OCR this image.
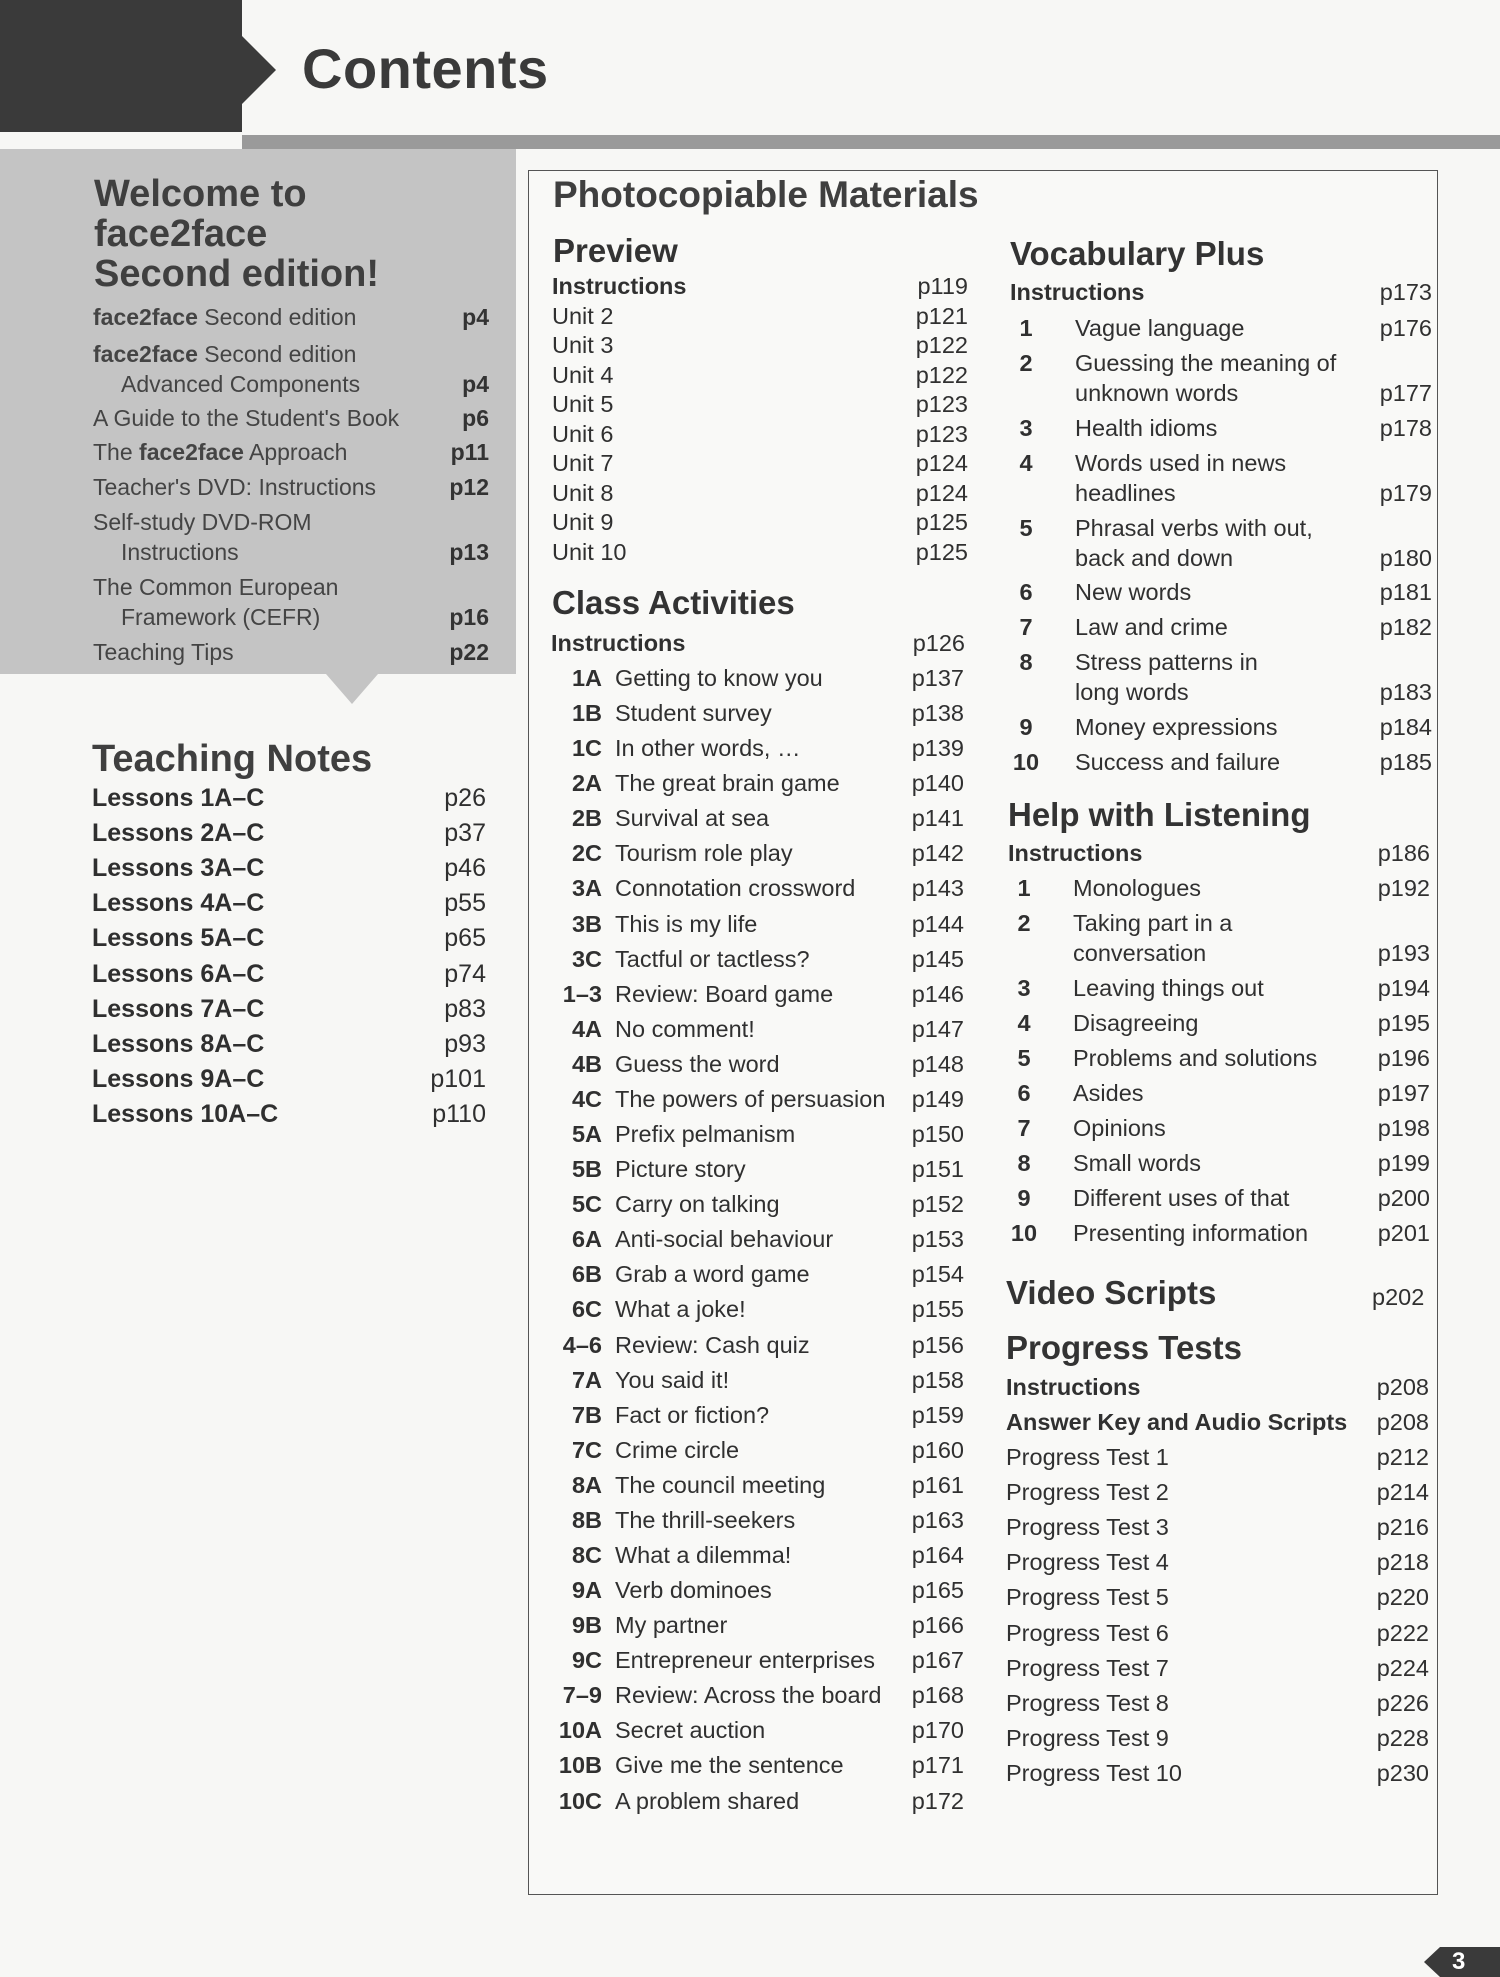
Contents
Welcome to
face2face
Second edition!
face2face Second edition	p4
face2face Second edition
Advanced Components	p4
A Guide to the Student's Book	p6
The face2face Approach	p11
Teacher's DVD: Instructions	p12
Self-study DVD-ROM
Instructions	p13
The Common European
Framework (CEFR)	p16
Teaching Tips	p22
Teaching Notes
Lessons 1A–C	p26
Lessons 2A–C	p37
Lessons 3A–C	p46
Lessons 4A–C	p55
Lessons 5A–C	p65
Lessons 6A–C	p74
Lessons 7A–C	p83
Lessons 8A–C	p93
Lessons 9A–C	p101
Lessons 10A–C	p110
Photocopiable Materials
Preview
Instructions	p119
Unit 2	p121
Unit 3	p122
Unit 4	p122
Unit 5	p123
Unit 6	p123
Unit 7	p124
Unit 8	p124
Unit 9	p125
Unit 10	p125
Class Activities
Instructions	p126
1A Getting to know you	p137
1B Student survey	p138
1C In other words, …	p139
2A The great brain game	p140
2B Survival at sea	p141
2C Tourism role play	p142
3A Connotation crossword p143
3B This is my life	p144
3C Tactful or tactless?	p145
1–3 Review: Board game	p146
4A No comment!	p147
4B Guess the word	p148
4C The powers of persuasion p149
5A Prefix pelmanism	p150
5B Picture story	p151
5C Carry on talking	p152
6A Anti-social behaviour	p153
6B Grab a word game	p154
6C What a joke!	p155
4–6 Review: Cash quiz	p156
7A You said it!	p158
7B Fact or fiction?	p159
7C Crime circle	p160
8A The council meeting	p161
8B The thrill-seekers	p163
8C What a dilemma!	p164
9A Verb dominoes	p165
9B My partner	p166
9C Entrepreneur enterprises p167
7–9 Review: Across the board p168
10A Secret auction	p170
10B Give me the sentence	p171
10C A problem shared	p172
Vocabulary Plus
Instructions	p173
1	Vague language	p176
2	Guessing the meaning of
unknown words	p177
3	Health idioms	p178
4	Words used in news
headlines	p179
5	Phrasal verbs with out,
back and down	p180
6	New words	p181
7	Law and crime	p182
8	Stress patterns in
long words	p183
9	Money expressions	p184
10 Success and failure	p185
Help with Listening
Instructions	p186
1	Monologues	p192
2	Taking part in a
conversation	p193
3	Leaving things out	p194
4	Disagreeing	p195
5	Problems and solutions	p196
6	Asides	p197
7	Opinions	p198
8	Small words	p199
9	Different uses of that	p200
10 Presenting information	p201
Video Scripts	p202
Progress Tests
Instructions	p208
Answer Key and Audio Scripts p208
Progress Test 1	p212
Progress Test 2	p214
Progress Test 3	p216
Progress Test 4	p218
Progress Test 5	p220
Progress Test 6	p222
Progress Test 7	p224
Progress Test 8	p226
Progress Test 9	p228
Progress Test 10	p230
3
